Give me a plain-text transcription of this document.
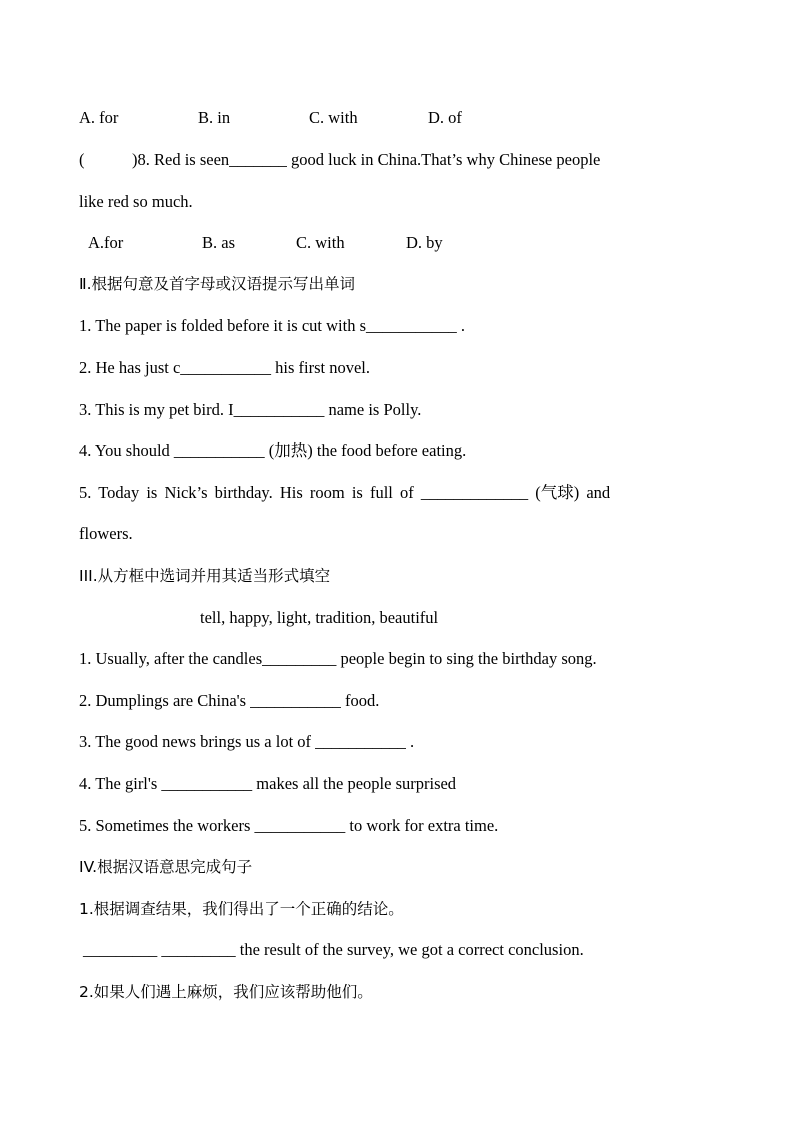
A. for	B. in	C. with	D. of
(	)8. Red is seen_______ good luck in China.That’s why Chinese people
like red so much.
A.for	B. as	C. with	D. by
Ⅱ.根据句意及首字母或汉语提示写出单词
1. The paper is folded before it is cut with s___________ .
2. He has just c___________ his first novel.
3. This is my pet bird. I___________ name is Polly.
4. You should ___________ (加热) the food before eating.
5. Today is Nick’s birthday. His room is full of _____________ (气球) and
flowers.
III.从方框中选词并用其适当形式填空
tell, happy, light, tradition, beautiful
1. Usually, after the candles_________ people begin to sing the birthday song.
2. Dumplings are China's ___________ food.
3. The good news brings us a lot of ___________ .
4. The girl's ___________ makes all the people surprised
5. Sometimes the workers ___________ to work for extra time.
IV.根据汉语意思完成句子
1.根据调查结果，我们得出了一个正确的结论。
_________ _________ the result of the survey, we got a correct conclusion.
2.如果人们遇上麻烦，我们应该帮助他们。
